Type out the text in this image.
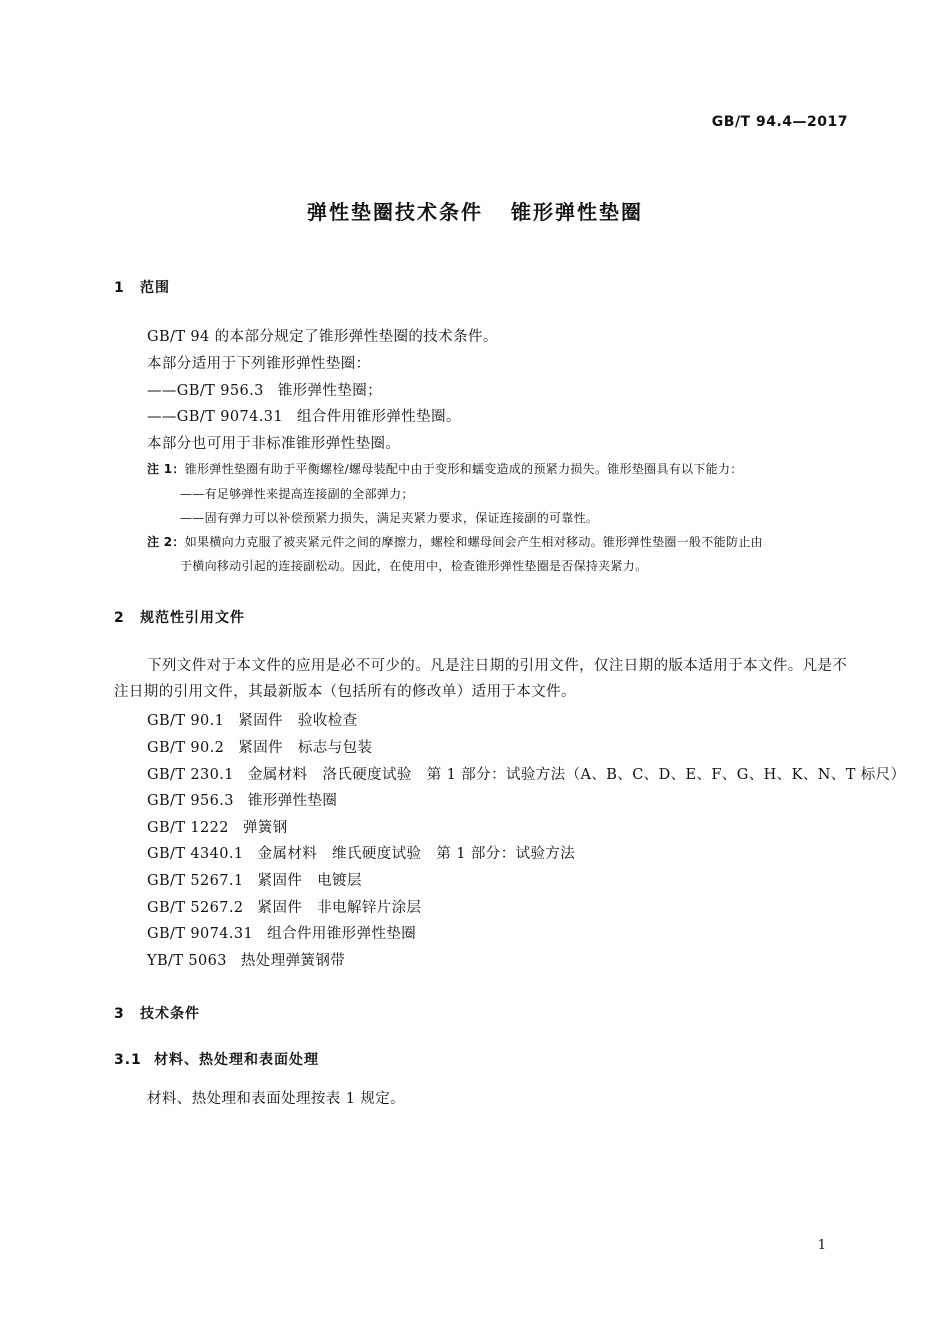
GB/T 94.4—2017
弹性垫圈技术条件 锥形弹性垫圈
1 范围
GB/T 94 的本部分规定了锥形弹性垫圈的技术条件。
本部分适用于下列锥形弹性垫圈：
——GB/T 956.3 锥形弹性垫圈；
——GB/T 9074.31 组合件用锥形弹性垫圈。
本部分也可用于非标准锥形弹性垫圈。
注 1：锥形弹性垫圈有助于平衡螺栓/螺母装配中由于变形和蠕变造成的预紧力损失。锥形垫圈具有以下能力：
——有足够弹性来提高连接副的全部弹力；
——固有弹力可以补偿预紧力损失，满足夹紧力要求，保证连接副的可靠性。
注 2：如果横向力克服了被夹紧元件之间的摩擦力，螺栓和螺母间会产生相对移动。锥形弹性垫圈一般不能防止由
于横向移动引起的连接副松动。因此，在使用中，检查锥形弹性垫圈是否保持夹紧力。
2 规范性引用文件
下列文件对于本文件的应用是必不可少的。凡是注日期的引用文件，仅注日期的版本适用于本文件。凡是不注日期的引用文件，其最新版本（包括所有的修改单）适用于本文件。
GB/T 90.1 紧固件　验收检查
GB/T 90.2 紧固件　标志与包装
GB/T 230.1 金属材料　洛氏硬度试验　第 1 部分：试验方法（A、B、C、D、E、F、G、H、K、N、T 标尺）
GB/T 956.3 锥形弹性垫圈
GB/T 1222 弹簧钢
GB/T 4340.1 金属材料　维氏硬度试验　第 1 部分：试验方法
GB/T 5267.1 紧固件　电镀层
GB/T 5267.2 紧固件　非电解锌片涂层
GB/T 9074.31 组合件用锥形弹性垫圈
YB/T 5063 热处理弹簧钢带
3 技术条件
3.1 材料、热处理和表面处理
材料、热处理和表面处理按表 1 规定。
1
